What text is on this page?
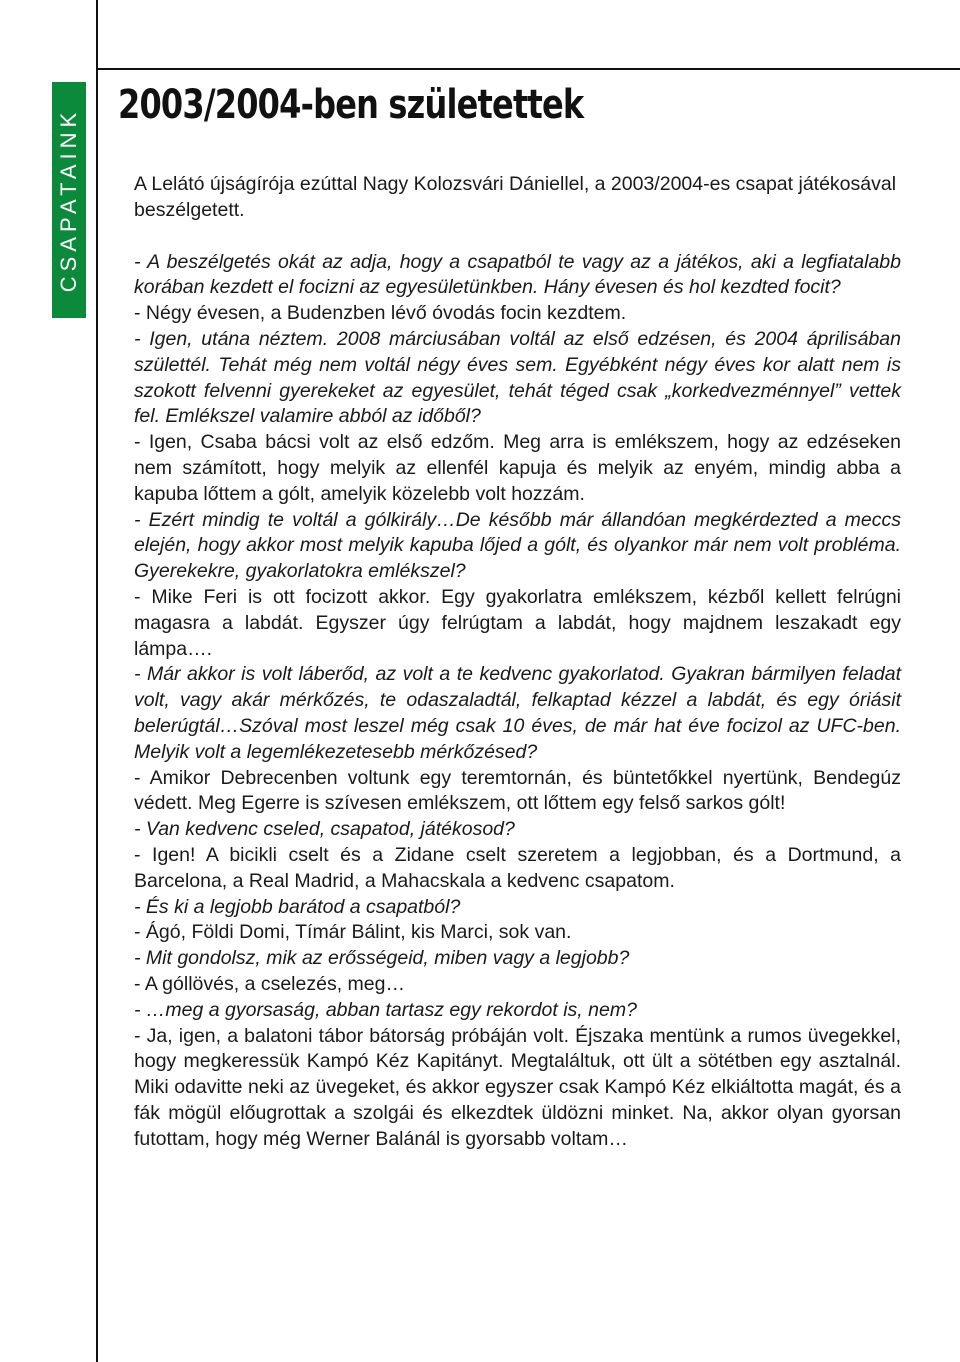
CSAPATAINK
2003/2004-ben születettek

A Lelátó újságírója ezúttal Nagy Kolozsvári Dániellel, a 2003/2004-es csapat játékosával beszélgetett.

- A beszélgetés okát az adja, hogy a csapatból te vagy az a játékos, aki a legfiatalabb korában kezdett el focizni az egyesületünkben. Hány évesen és hol kezdted focit?

- Négy évesen, a Budenzben lévő óvodás focin kezdtem.

- Igen, utána néztem. 2008 márciusában voltál az első edzésen, és 2004 áprilisában születtél. Tehát még nem voltál négy éves sem. Egyébként négy éves kor alatt nem is szokott felvenni gyerekeket az egyesület, tehát téged csak „korkedvezménnyel” vettek fel. Emlékszel valamire abból az időből?

- Igen, Csaba bácsi volt az első edzőm. Meg arra is emlékszem, hogy az edzéseken nem számított, hogy melyik az ellenfél kapuja és melyik az enyém, mindig abba a kapuba lőttem a gólt, amelyik közelebb volt hozzám.

- Ezért mindig te voltál a gólkirály…De később már állandóan megkérdezted a meccs elején, hogy akkor most melyik kapuba lőjed a gólt, és olyankor már nem volt probléma. Gyerekekre, gyakorlatokra emlékszel?

- Mike Feri is ott focizott akkor. Egy gyakorlatra emlékszem, kézből kellett felrúgni magasra a labdát. Egyszer úgy felrúgtam a labdát, hogy majdnem leszakadt egy lámpa….

- Már akkor is volt láberőd, az volt a te kedvenc gyakorlatod. Gyakran bármilyen feladat volt, vagy akár mérkőzés, te odaszaladtál, felkaptad kézzel a labdát, és egy óriásit belerúgtál…Szóval most leszel még csak 10 éves, de már hat éve focizol az UFC-ben. Melyik volt a legemlékezetesebb mérkőzésed?

- Amikor Debrecenben voltunk egy teremtornán, és büntetőkkel nyertünk, Bendegúz védett. Meg Egerre is szívesen emlékszem, ott lőttem egy felső sarkos gólt!

- Van kedvenc cseled, csapatod, játékosod?

- Igen! A bicikli cselt és a Zidane cselt szeretem a legjobban, és a Dortmund, a Barcelona, a Real Madrid, a Mahacskala a kedvenc csapatom.

- És ki a legjobb barátod a csapatból?

- Ágó, Földi Domi, Tímár Bálint, kis Marci, sok van.

- Mit gondolsz, mik az erősségeid, miben vagy a legjobb?

- A góllövés, a cselezés, meg…

- …meg a gyorsaság, abban tartasz egy rekordot is, nem?

- Ja, igen, a balatoni tábor bátorság próbáján volt. Éjszaka mentünk a rumos üvegekkel, hogy megkeressük Kampó Kéz Kapitányt. Megtaláltuk, ott ült a sötétben egy asztalnál. Miki odavitte neki az üvegeket, és akkor egyszer csak Kampó Kéz elkiáltotta magát, és a fák mögül előugrottak a szolgái és elkezdtek üldözni minket. Na, akkor olyan gyorsan futottam, hogy még Werner Balánál is gyorsabb voltam…
